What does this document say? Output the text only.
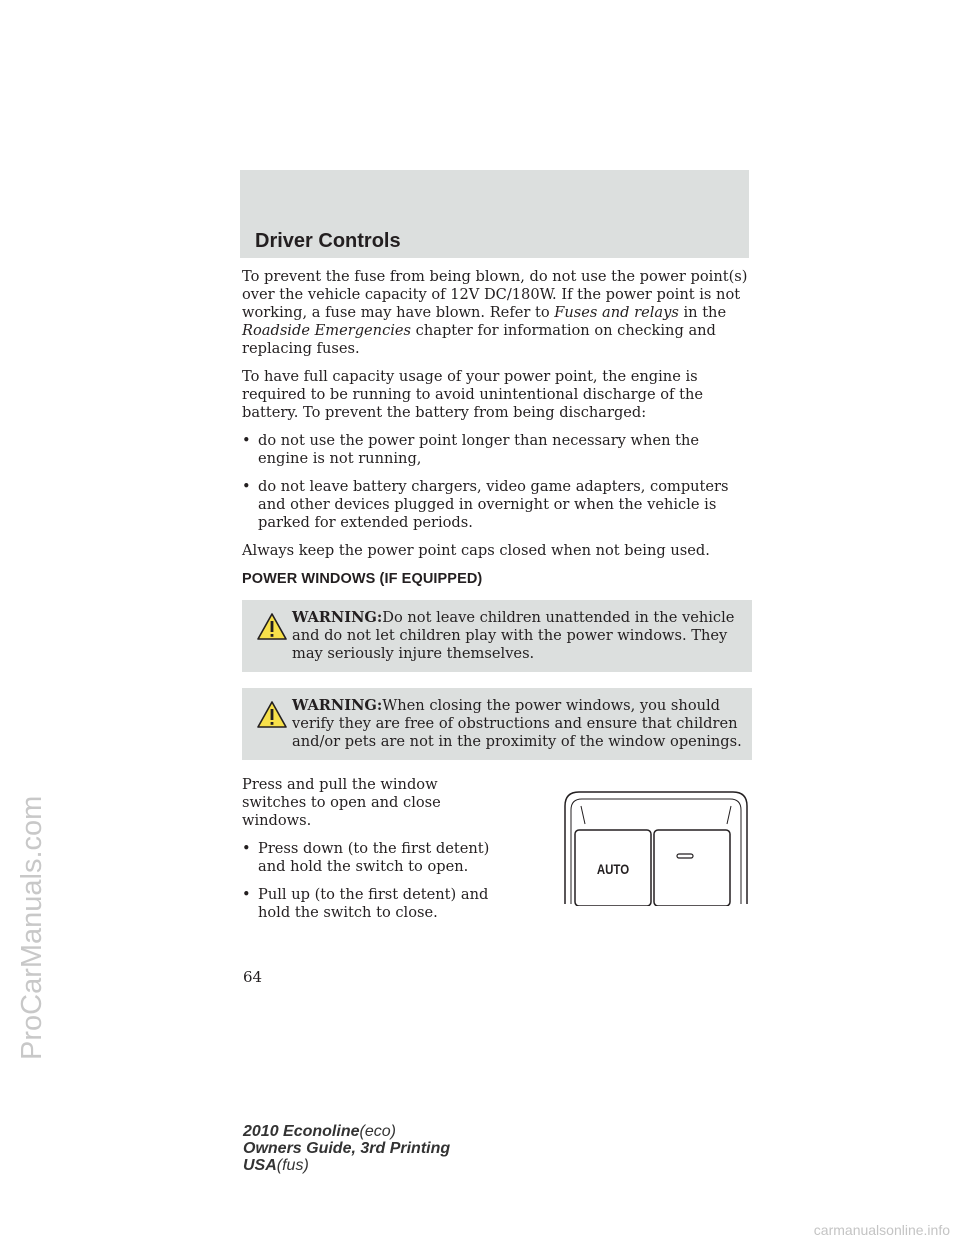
ProCarManuals.com
Driver Controls

To prevent the fuse from being blown, do not use the power point(s) over the vehicle capacity of 12V DC/180W. If the power point is not working, a fuse may have blown. Refer to Fuses and relays in the Roadside Emergencies chapter for information on checking and replacing fuses.

To have full capacity usage of your power point, the engine is required to be running to avoid unintentional discharge of the battery. To prevent the battery from being discharged:

• do not use the power point longer than necessary when the engine is not running,
• do not leave battery chargers, video game adapters, computers and other devices plugged in overnight or when the vehicle is parked for extended periods.

Always keep the power point caps closed when not being used.

POWER WINDOWS (IF EQUIPPED)
WARNING:Do not leave children unattended in the vehicle and do not let children play with the power windows. They may seriously injure themselves.
WARNING:When closing the power windows, you should verify they are free of obstructions and ensure that children and/or pets are not in the proximity of the window openings.

Press and pull the window switches to open and close windows.

• Press down (to the first detent) and hold the switch to open.
• Pull up (to the first detent) and hold the switch to close.
AUTO
64
2010 Econoline(eco)
Owners Guide, 3rd Printing
USA(fus)
carmanualsonline.info
